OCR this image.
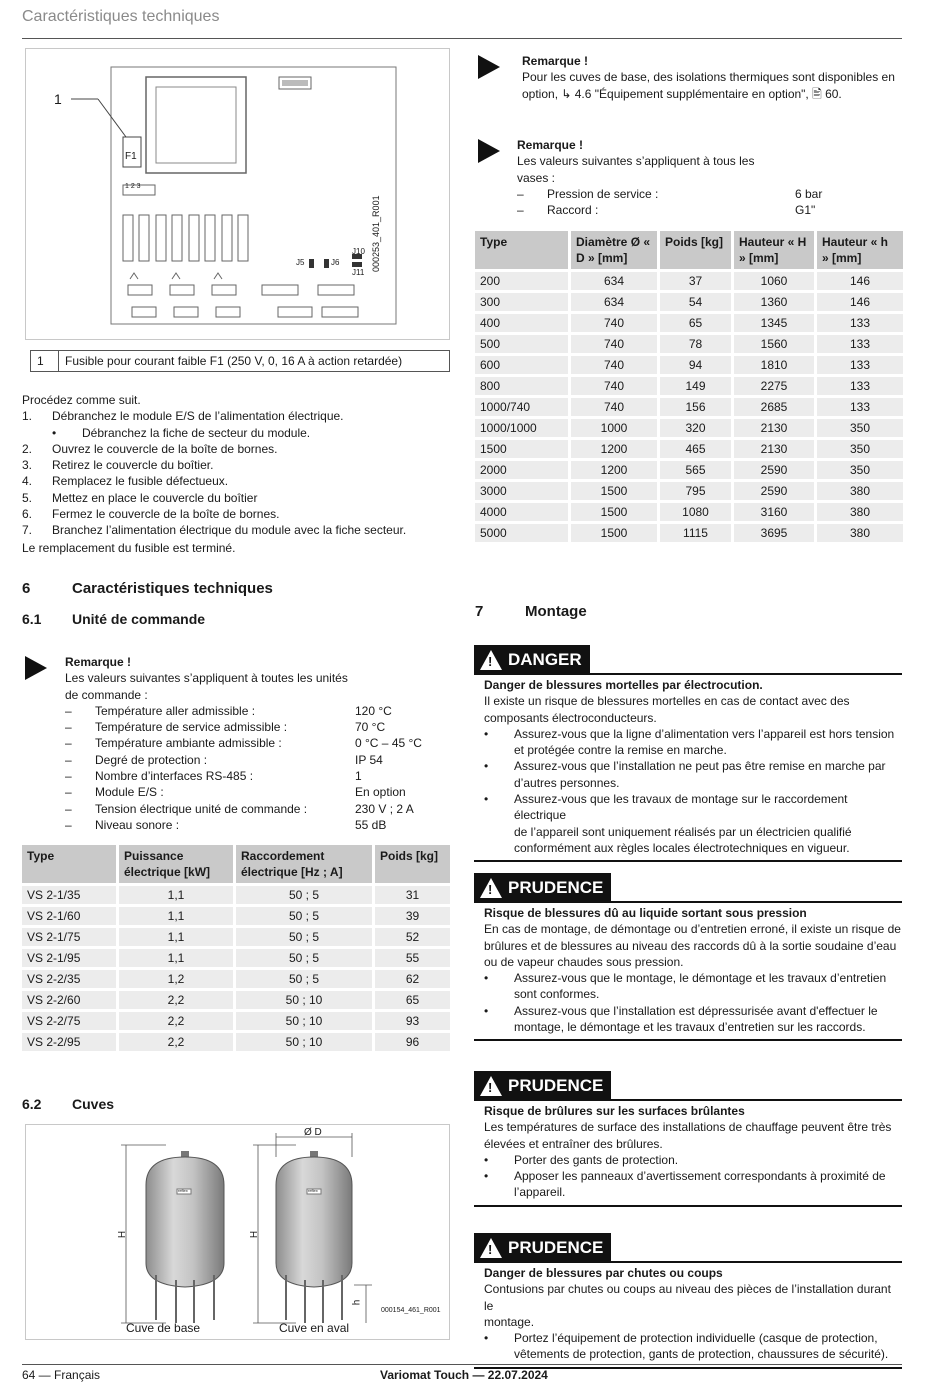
Caractéristiques techniques
1
F1
1 2 3
J5	J6
J10
J11
000253_401_R001
1	Fusible pour courant faible F1 (250 V, 0, 16 A à action retardée)
Procédez comme suit.
1.	Débranchez le module E/S de l’alimentation électrique.
•	Débranchez la fiche de secteur du module.
2.	Ouvrez le couvercle de la boîte de bornes.
3.	Retirez le couvercle du boîtier.
4.	Remplacez le fusible défectueux.
5.	Mettez en place le couvercle du boîtier
6.	Fermez le couvercle de la boîte de bornes.
7.	Branchez l’alimentation électrique du module avec la fiche secteur.
Le remplacement du fusible est terminé.
6	Caractéristiques techniques
6.1 Unité de commande
Remarque !
Les valeurs suivantes s’appliquent à toutes les unités
de commande :
–	Température aller admissible :	120 °C
–	Température de service admissible :	70 °C
–	Température ambiante admissible :	0 °C – 45 °C
–	Degré de protection :	IP 54
–	Nombre d’interfaces RS-485 :	1
–	Module E/S :	En option
–	Tension électrique unité de commande :	230 V ; 2 A
–	Niveau sonore :	55 dB
Type	Puissance électrique [kW]	Raccordement électrique [Hz ; A]	Poids [kg]
VS 2-1/35	1,1	50 ; 5	31
VS 2-1/60	1,1	50 ; 5	39
VS 2-1/75	1,1	50 ; 5	52
VS 2-1/95	1,1	50 ; 5	55
VS 2-2/35	1,2	50 ; 5	62
VS 2-2/60	2,2	50 ; 10	65
VS 2-2/75	2,2	50 ; 10	93
VS 2-2/95	2,2	50 ; 10	96
6.2 Cuves
Ø D
H	H
h
reflex	reflex
000154_461_R001
Cuve de base	Cuve en aval
Remarque !
Pour les cuves de base, des isolations thermiques sont disponibles en
option, ↳ 4.6 "Équipement supplémentaire en option", 🖹 60.
Remarque !
Les valeurs suivantes s’appliquent à tous les
vases :
–	Pression de service :	6 bar
–	Raccord :	G1"
Type	Diamètre Ø « D » [mm]	Poids [kg]	Hauteur « H » [mm]	Hauteur « h » [mm]
200	634	37	1060	146
300	634	54	1360	146
400	740	65	1345	133
500	740	78	1560	133
600	740	94	1810	133
800	740	149	2275	133
1000/740	740	156	2685	133
1000/1000	1000	320	2130	350
1500	1200	465	2130	350
2000	1200	565	2590	350
3000	1500	795	2590	380
4000	1500	1080	3160	380
5000	1500	1115	3695	380
7	Montage
! DANGER
Danger de blessures mortelles par électrocution.
Il existe un risque de blessures mortelles en cas de contact avec des
composants électroconducteurs.
•	Assurez-vous que la ligne d’alimentation vers l’appareil est hors tension
et protégée contre la remise en marche.
•	Assurez-vous que l’installation ne peut pas être remise en marche par
d’autres personnes.
•	Assurez-vous que les travaux de montage sur le raccordement électrique
de l’appareil sont uniquement réalisés par un électricien qualifié
conformément aux règles locales électrotechniques en vigueur.
! PRUDENCE
Risque de blessures dû au liquide sortant sous pression
En cas de montage, de démontage ou d’entretien erroné, il existe un risque de
brûlures et de blessures au niveau des raccords dû à la sortie soudaine d’eau
ou de vapeur chaudes sous pression.
•	Assurez-vous que le montage, le démontage et les travaux d’entretien
sont conformes.
•	Assurez-vous que l’installation est dépressurisée avant d'effectuer le
montage, le démontage et les travaux d’entretien sur les raccords.
! PRUDENCE
Risque de brûlures sur les surfaces brûlantes
Les températures de surface des installations de chauffage peuvent être très
élevées et entraîner des brûlures.
•	Porter des gants de protection.
•	Apposer les panneaux d’avertissement correspondants à proximité de
l’appareil.
! PRUDENCE
Danger de blessures par chutes ou coups
Contusions par chutes ou coups au niveau des pièces de l’installation durant le
montage.
•	Portez l’équipement de protection individuelle (casque de protection,
vêtements de protection, gants de protection, chaussures de sécurité).
64 — Français	Variomat Touch — 22.07.2024
